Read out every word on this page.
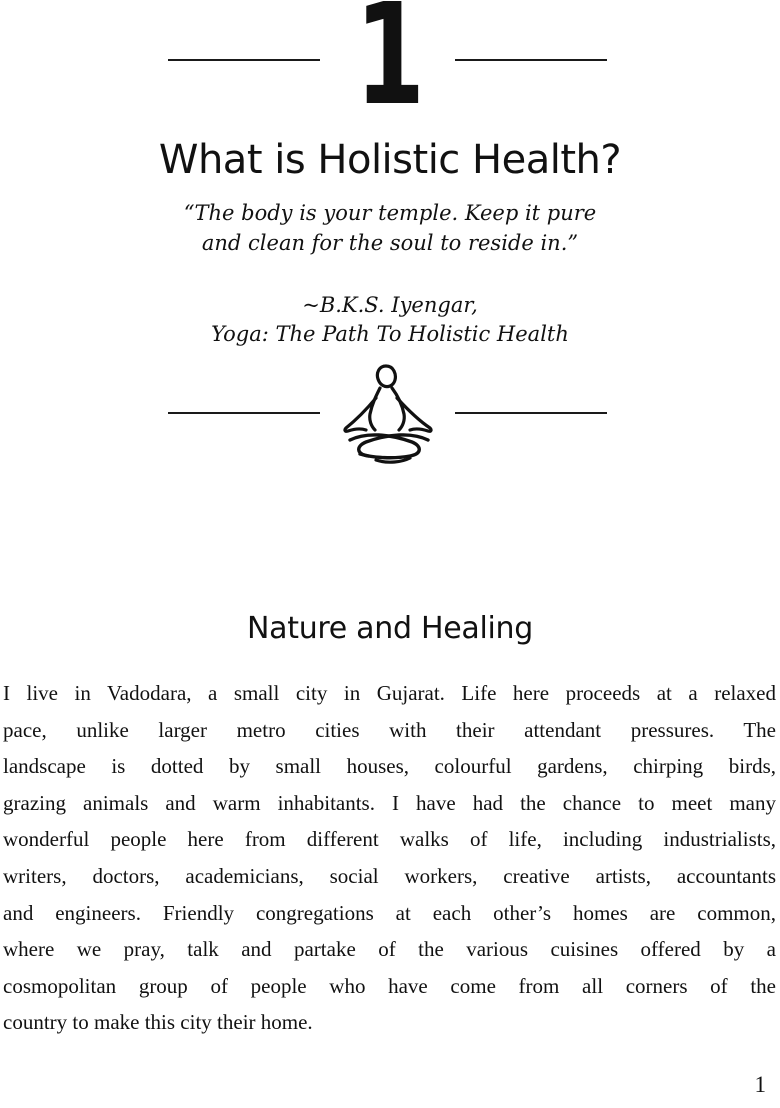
1
What is Holistic Health?
“The body is your temple. Keep it pure
and clean for the soul to reside in.”
~B.K.S. Iyengar,
Yoga: The Path To Holistic Health
Nature and Healing
I live in Vadodara, a small city in Gujarat. Life here proceeds at a relaxed
pace, unlike larger metro cities with their attendant pressures. The
landscape is dotted by small houses, colourful gardens, chirping birds,
grazing animals and warm inhabitants. I have had the chance to meet many
wonderful people here from different walks of life, including industrialists,
writers, doctors, academicians, social workers, creative artists, accountants
and engineers. Friendly congregations at each other’s homes are common,
where we pray, talk and partake of the various cuisines offered by a
cosmopolitan group of people who have come from all corners of the
country to make this city their home.
1
